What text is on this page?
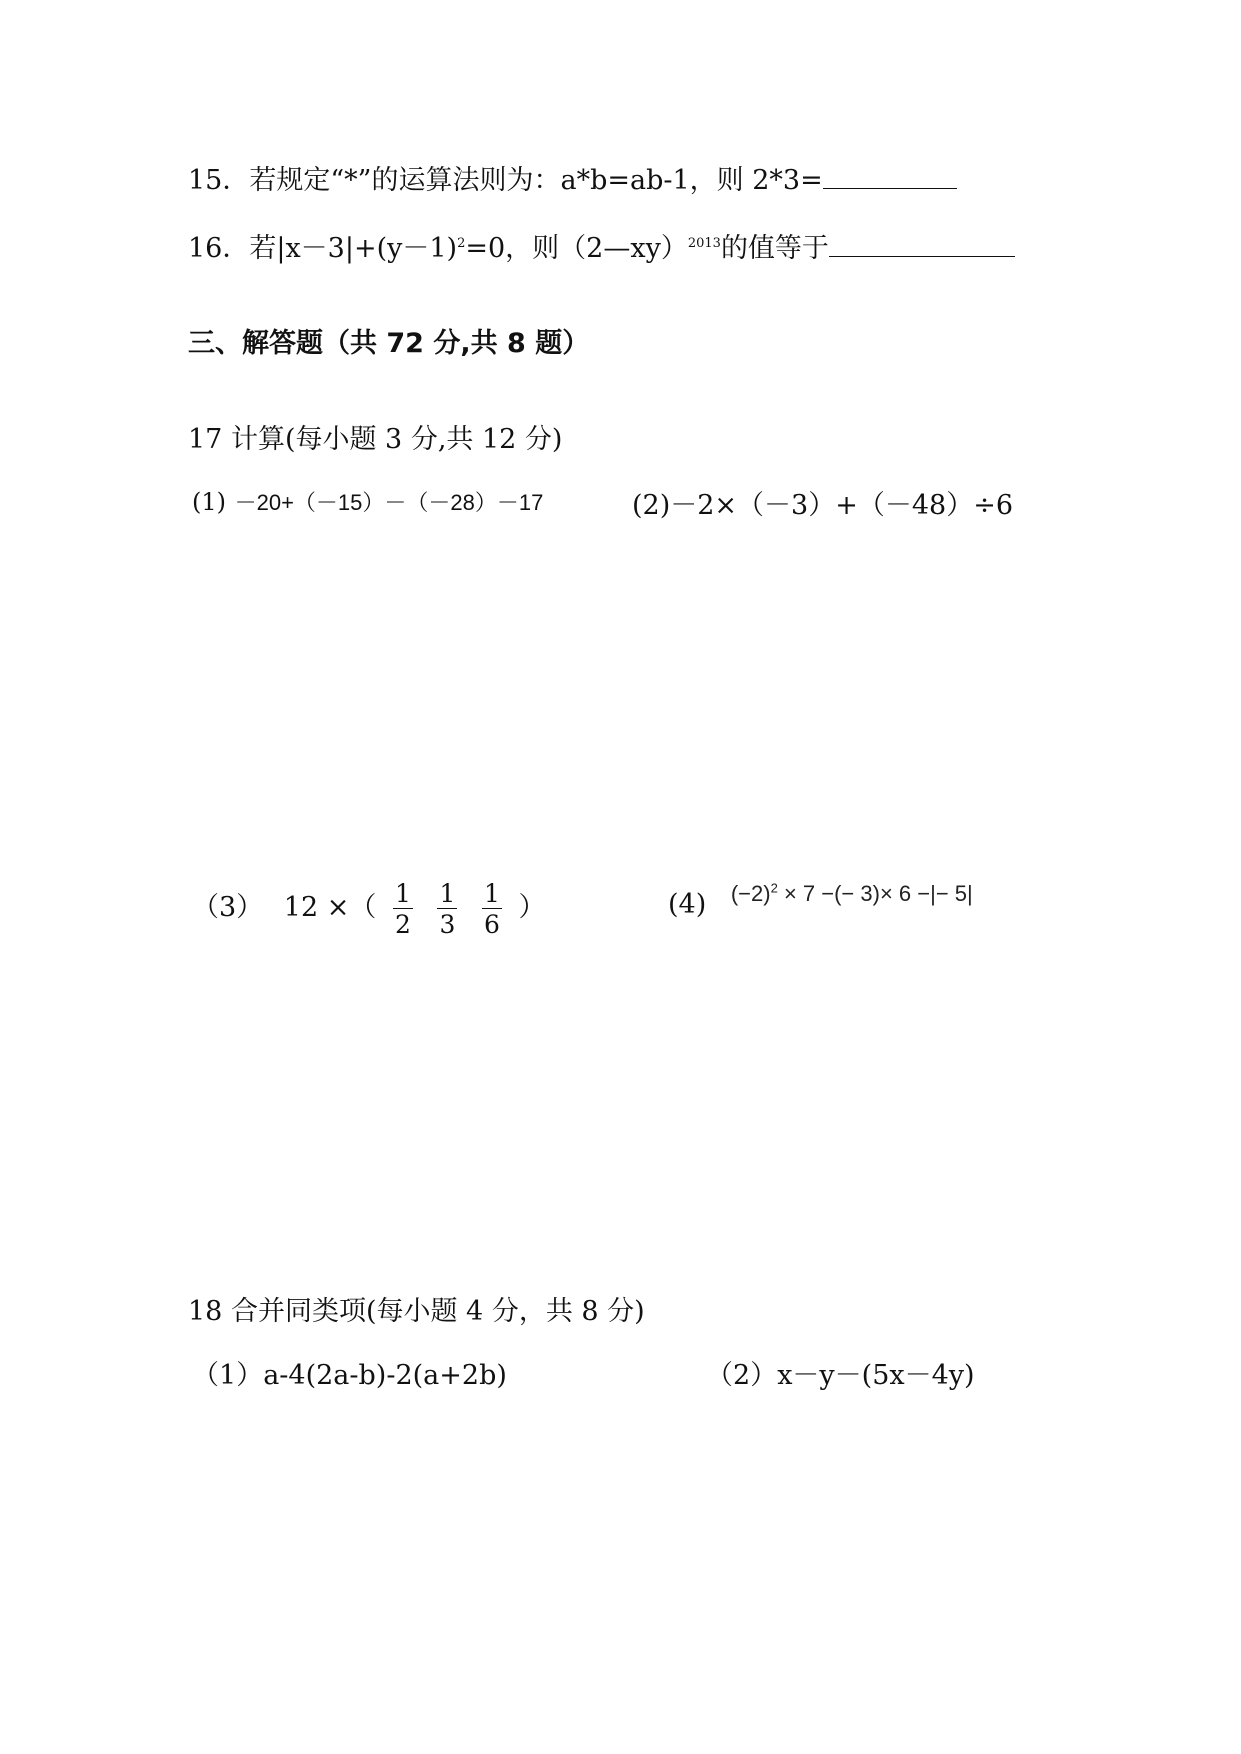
15．若规定“*”的运算法则为：a*b=ab-1，则 2*3=
16．若$|x-3|+(y-1)^2=0$，则（2—xy）$^{2013}$的值等于
三、解答题（共 72 分,共 8 题）
17 计算(每小题 3 分,共 12 分)
(1) －20+（－15）－（－28）－17	(2)－2×（－3）+（－48）÷6
（3） 12 ×（ $\frac{1}{2}$
$\frac{1}{3}$
$\frac{1}{6}$ ）	(4) $^{(-2)^2 \times 7 -(- 3)\times 6 -|- 5|}$
18 合并同类项(每小题 4 分，共 8 分)
（1）a-4(2a-b)-2(a+2b)	（2）x－y－(5x－4y)
